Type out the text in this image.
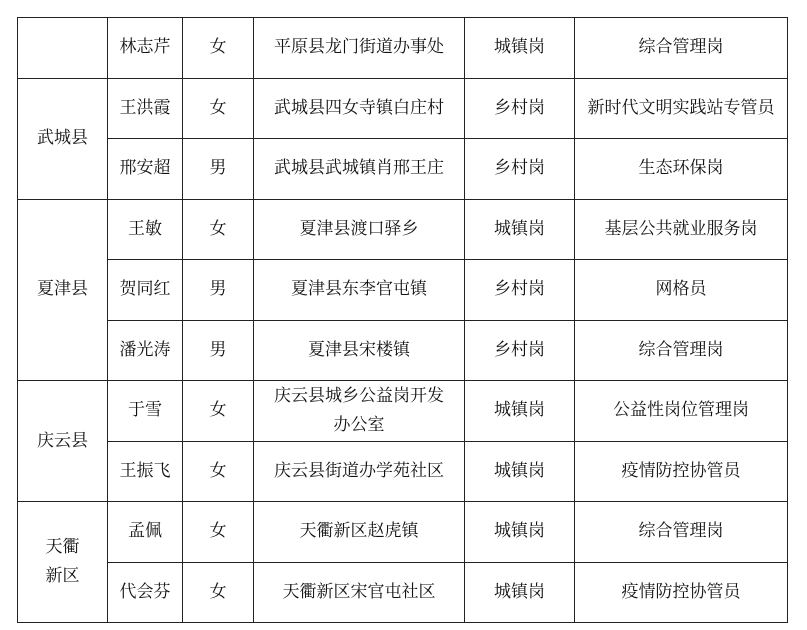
	林志芹	女	平原县龙门街道办事处	城镇岗	综合管理岗
武城县	王洪霞	女	武城县四女寺镇白庄村	乡村岗	新时代文明实践站专管员
	邢安超	男	武城县武城镇肖邢王庄	乡村岗	生态环保岗
夏津县	王敏	女	夏津县渡口驿乡	城镇岗	基层公共就业服务岗
	贺同红	男	夏津县东李官屯镇	乡村岗	网格员
	潘光涛	男	夏津县宋楼镇	乡村岗	综合管理岗
庆云县	于雪	女	庆云县城乡公益岗开发办公室	城镇岗	公益性岗位管理岗
	王振飞	女	庆云县街道办学苑社区	城镇岗	疫情防控协管员
天衢新区	孟佩	女	天衢新区赵虎镇	城镇岗	综合管理岗
	代会芬	女	天衢新区宋官屯社区	城镇岗	疫情防控协管员
